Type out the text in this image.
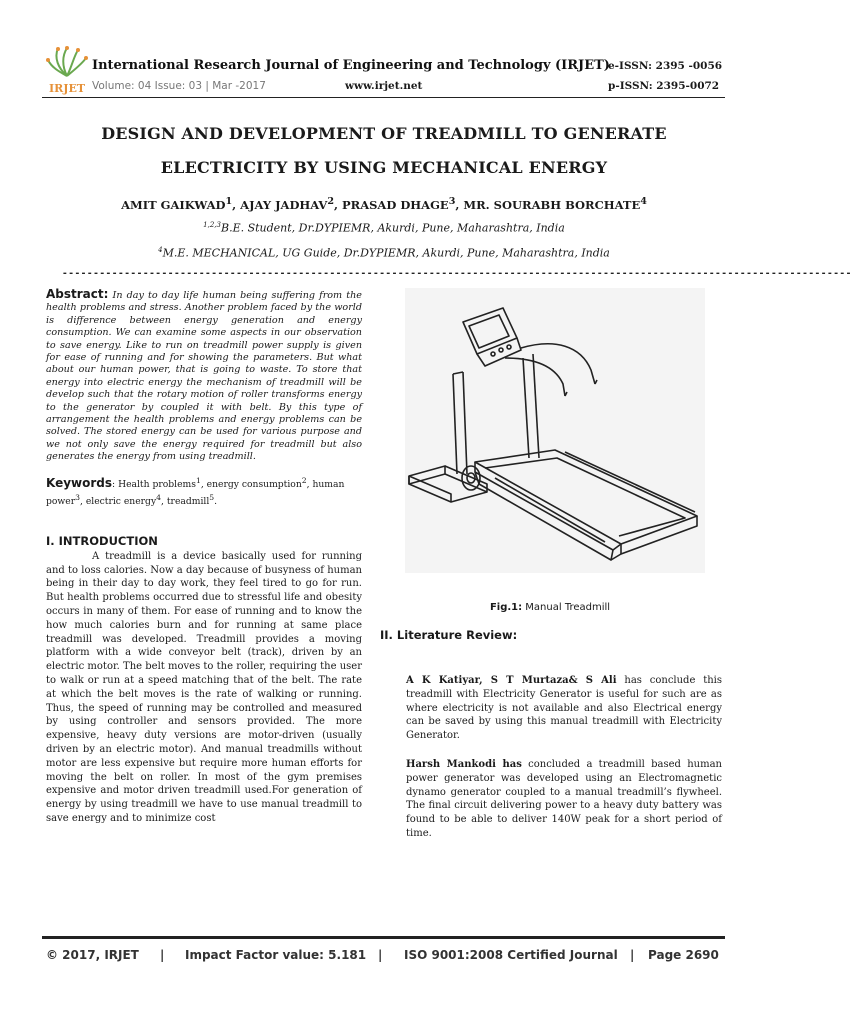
IRJET
International Research Journal of Engineering and Technology (IRJET)
Volume: 04 Issue: 03 | Mar -2017	www.irjet.net
e-ISSN: 2395 -0056
p-ISSN: 2395-0072
DESIGN AND DEVELOPMENT OF TREADMILL TO GENERATE
ELECTRICITY BY USING MECHANICAL ENERGY
AMIT GAIKWAD$^1$, AJAY JADHAV$^2$, PRASAD DHAGE$^3$, MR. SOURABH BORCHATE$^4$
$^{1,2,3}$B.E. Student, Dr.DYPIEMR, Akurdi, Pune, Maharashtra, India
$^4$M.E. MECHANICAL, UG Guide, Dr.DYPIEMR, Akurdi, Pune, Maharashtra, India
-------------------------------------------------------------------------------------------------------------------------------

Abstract: In day to day life human being suffering from the health problems and stress. Another problem faced by the world is difference between energy generation and energy consumption. We can examine some aspects in our observation to save energy. Like to run on treadmill power supply is given for ease of running and for showing the parameters. But what about our human power, that is going to waste. To store that energy into electric energy the mechanism of treadmill will be develop such that the rotary motion of roller transforms energy to the generator by coupled it with belt. By this type of arrangement the health problems and energy problems can be solved. The stored energy can be used for various purpose and we not only save the energy required for treadmill but also generates the energy from using treadmill.

Keywords: Health problems$^1$, energy consumption$^2$, human power$^3$, electric energy$^4$, treadmill$^5$.

I. INTRODUCTION

A treadmill is a device basically used for running and to loss calories. Now a day because of busyness of human being in their day to day work, they feel tired to go for run. But health problems occurred due to stressful life and obesity occurs in many of them. For ease of running and to know the how much calories burn and for running at same place treadmill was developed. Treadmill provides a moving platform with a wide conveyor belt (track), driven by an electric motor. The belt moves to the roller, requiring the user to walk or run at a speed matching that of the belt. The rate at which the belt moves is the rate of walking or running. Thus, the speed of running may be controlled and measured by using controller and sensors provided. The more expensive, heavy duty versions are motor-driven (usually driven by an electric motor). And manual treadmills without motor are less expensive but require more human efforts for moving the belt on roller. In most of the gym premises expensive and motor driven treadmill used.For generation of energy by using treadmill we have to use manual treadmill to save energy and to minimize cost

Fig.1: Manual Treadmill
II. Literature Review:

A K Katiyar, S T Murtaza& S Ali has conclude this treadmill with Electricity Generator is useful for such are as where electricity is not available and also Electrical energy can be saved by using this manual treadmill with Electricity Generator.

Harsh Mankodi has concluded a treadmill based human power generator was developed using an Electromagnetic dynamo generator coupled to a manual treadmill’s flywheel. The final circuit delivering power to a heavy duty battery was found to be able to deliver 140W peak for a short period of time.

© 2017, IRJET | Impact Factor value: 5.181 | ISO 9001:2008 Certified Journal | Page 2690
